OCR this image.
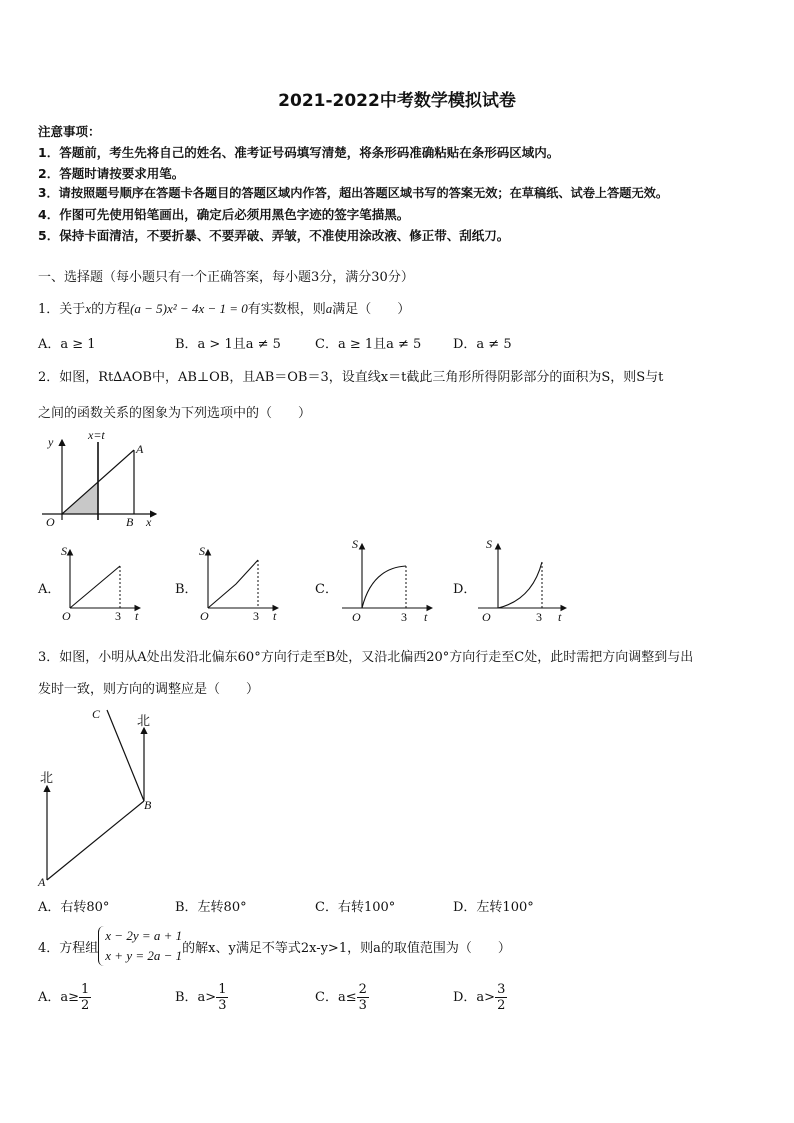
2021-2022中考数学模拟试卷
注意事项：
1．答题前，考生先将自己的姓名、准考证号码填写清楚，将条形码准确粘贴在条形码区域内。
2．答题时请按要求用笔。
3．请按照题号顺序在答题卡各题目的答题区域内作答，超出答题区域书写的答案无效；在草稿纸、试卷上答题无效。
4．作图可先使用铅笔画出，确定后必须用黑色字迹的签字笔描黑。
5．保持卡面清洁，不要折暴、不要弄破、弄皱，不准使用涂改液、修正带、刮纸刀。
一、选择题（每小题只有一个正确答案，每小题3分，满分30分）
1．关于x的方程(a − 5)x² − 4x − 1 = 0有实数根，则a满足（　　）
A．a ≥ 1	B．a > 1且a ≠ 5	C．a ≥ 1且a ≠ 5 D．a ≠ 5
2．如图，Rt∆AOB中，AB⊥OB，且AB＝OB＝3，设直线x＝t截此三角形所得阴影部分的面积为S，则S与t
之间的函数关系的图象为下列选项中的（　　）
y	x=t
A
O	B x
A．	B．	C．	D．
S
O	3 t
S
O	3 t
S
O	3 t
S
O	3 t
3．如图，小明从A处出发沿北偏东60°方向行走至B处，又沿北偏西20°方向行走至C处，此时需把方向调整到与出
发时一致，则方向的调整应是（　　）
北
北
A
B
C
A．右转80°	B．左转80°	C．右转100°	D．左转100°
4．方程组
x − 2y = a + 1
x + y = 2a − 1 的解x、y满足不等式2x-y>1，则a的取值范围为（　　）
A．$a\ge \frac{1}{2}$	B．$a> \frac{1}{3}$	C．$a\le \frac{2}{3}$	D．$a> \frac{3}{2}$
